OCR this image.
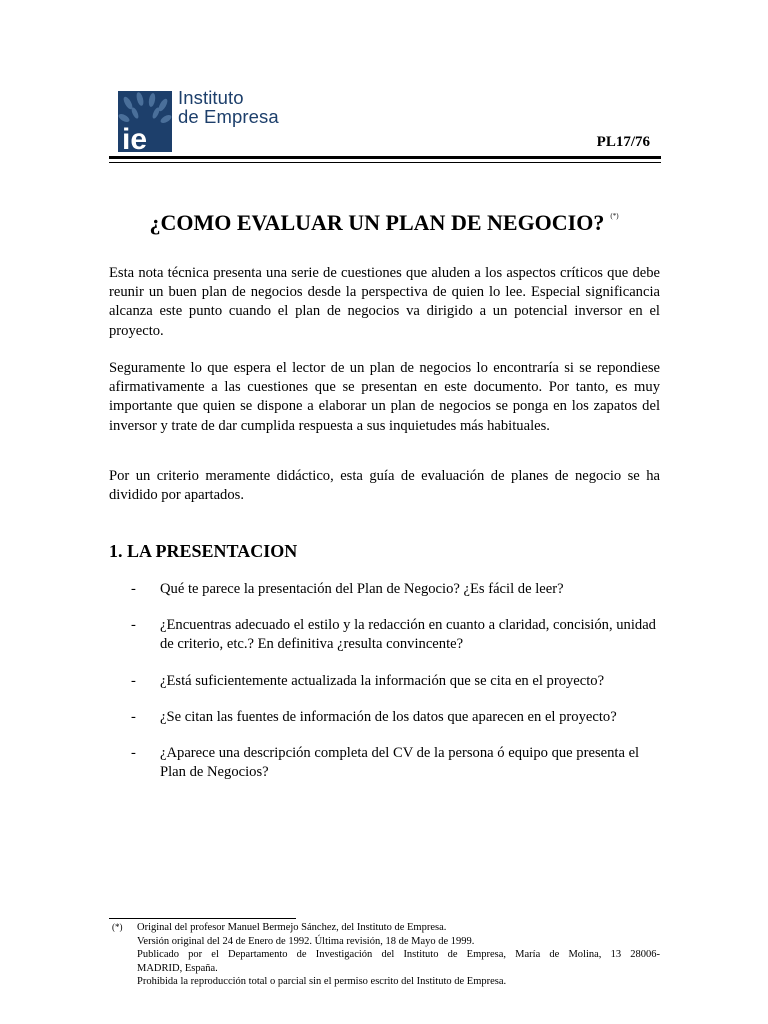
ie
Instituto
de Empresa
PL17/76
¿COMO EVALUAR UN PLAN DE NEGOCIO? (*)

Esta nota técnica presenta una serie de cuestiones que aluden a los aspectos críticos que debe reunir un buen plan de negocios desde la perspectiva de quien lo lee. Especial significancia alcanza este punto cuando el plan de negocios va dirigido a un potencial inversor en el proyecto.

Seguramente lo que espera el lector de un plan de negocios lo encontraría si se repondiese afirmativamente a las cuestiones que se presentan en este documento. Por tanto, es muy importante que quien se dispone a elaborar un plan de negocios se ponga en los zapatos del inversor y trate de dar cumplida respuesta a sus inquietudes más habituales.

Por un criterio meramente didáctico, esta guía de evaluación de planes de negocio se ha dividido por apartados.

1. LA PRESENTACION
- Qué te parece la presentación del Plan de Negocio? ¿Es fácil de leer?
- ¿Encuentras adecuado el estilo y la redacción en cuanto a claridad, concisión, unidad de criterio, etc.? En definitiva ¿resulta convincente?
- ¿Está suficientemente actualizada la información que se cita en el proyecto?
- ¿Se citan las fuentes de información de los datos que aparecen en el proyecto?
- ¿Aparece una descripción completa del CV de la persona ó equipo que presenta el Plan de Negocios?
(*) Original del profesor Manuel Bermejo Sánchez, del Instituto de Empresa.
Versión original del 24 de Enero de 1992. Última revisión, 18 de Mayo de 1999.
Publicado por el Departamento de Investigación del Instituto de Empresa, María de Molina, 13 28006-
MADRID, España.
Prohibida la reproducción total o parcial sin el permiso escrito del Instituto de Empresa.
